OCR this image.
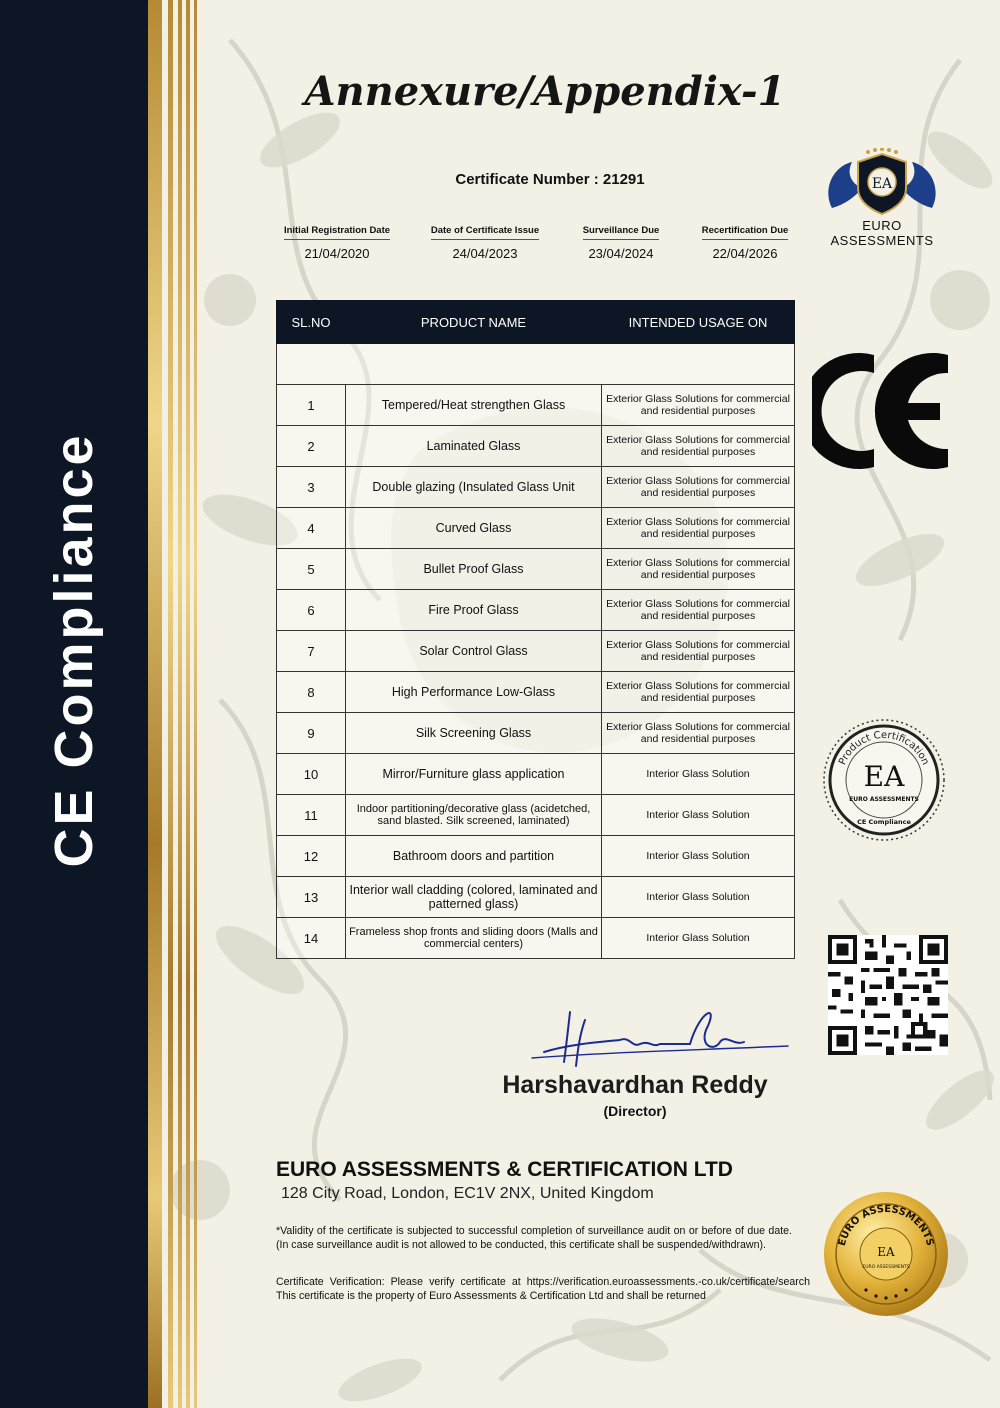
CE Compliance
Annexure/Appendix-1
Certificate Number : 21291
Initial Registration Date
21/04/2020
Date of Certificate Issue
24/04/2023
Surveillance Due
23/04/2024
Recertification Due
22/04/2026
SL.NO	PRODUCT NAME	INTENDED USAGE ON

1	Tempered/Heat strengthen Glass	Exterior Glass Solutions for commercial and residential purposes
2	Laminated Glass	Exterior Glass Solutions for commercial and residential purposes
3	Double glazing (Insulated Glass Unit	Exterior Glass Solutions for commercial and residential purposes
4	Curved Glass	Exterior Glass Solutions for commercial and residential purposes
5	Bullet Proof Glass	Exterior Glass Solutions for commercial and residential purposes
6	Fire Proof Glass	Exterior Glass Solutions for commercial and residential purposes
7	Solar Control Glass	Exterior Glass Solutions for commercial and residential purposes
8	High Performance Low-Glass	Exterior Glass Solutions for commercial and residential purposes
9	Silk Screening Glass	Exterior Glass Solutions for commercial and residential purposes
10	Mirror/Furniture glass application	Interior Glass Solution
11	Indoor partitioning/decorative glass (acidetched, sand blasted. Silk screened, laminated)	Interior Glass Solution
12	Bathroom doors and partition	Interior Glass Solution
13	Interior wall cladding (colored, laminated and patterned glass)	Interior Glass Solution
14	Frameless shop fronts and sliding doors (Malls and commercial centers)	Interior Glass Solution
EA
EURO ASSESSMENTS
Product Certification
EA
EURO ASSESSMENTS
CE Compliance
EURO ASSESSMENTS
EA
EURO ASSESSMENTS
Harshavardhan Reddy
(Director)
EURO ASSESSMENTS & CERTIFICATION LTD
128 City Road, London, EC1V 2NX, United Kingdom
*Validity of the certificate is subjected to successful completion of surveillance audit on or before of due date.(In case surveillance audit is not allowed to be conducted, this certificate shall be suspended/withdrawn).
Certificate Verification: Please verify certificate at https://verification.euroassessments.-co.uk/certificate/search This certificate is the property of Euro Assessments & Certification Ltd and shall be returned
